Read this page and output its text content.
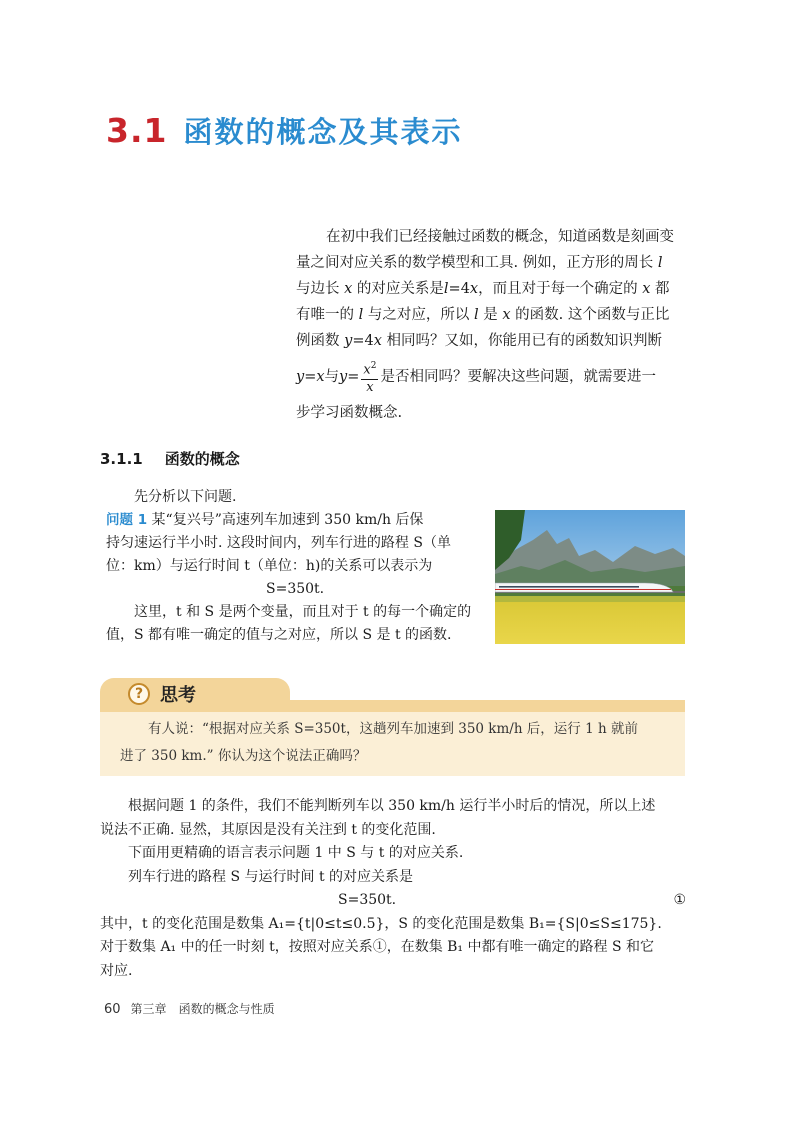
3.1 函数的概念及其表示

在初中我们已经接触过函数的概念，知道函数是刻画变

量之间对应关系的数学模型和工具. 例如，正方形的周长 l

与边长 x 的对应关系是l=4x，而且对于每一个确定的 x 都

有唯一的 l 与之对应，所以 l 是 x 的函数. 这个函数与正比

例函数 y=4x 相同吗？又如，你能用已有的函数知识判断

y=x 与 $y= \frac{x^2}{x}$ 是否相同吗？要解决这些问题，就需要进一

步学习函数概念.

3.1.1 函数的概念

先分析以下问题.

问题 1 某“复兴号”高速列车加速到 350 km/h 后保

持匀速运行半小时. 这段时间内，列车行进的路程 S（单

位：km）与运行时间 t（单位：h)的关系可以表示为

S=350t.

这里，t 和 S 是两个变量，而且对于 t 的每一个确定的

值，S 都有唯一确定的值与之对应，所以 S 是 t 的函数.

? 思考

有人说：“根据对应关系 S=350t，这趟列车加速到 350 km/h 后，运行 1 h 就前

进了 350 km.” 你认为这个说法正确吗？

根据问题 1 的条件，我们不能判断列车以 350 km/h 运行半小时后的情况，所以上述

说法不正确. 显然，其原因是没有关注到 t 的变化范围.

下面用更精确的语言表示问题 1 中 S 与 t 的对应关系.

列车行进的路程 S 与运行时间 t 的对应关系是

S=350t.	①

其中，t 的变化范围是数集 A₁={t|0≤t≤0.5}，S 的变化范围是数集 B₁={S|0≤S≤175}.

对于数集 A₁ 中的任一时刻 t，按照对应关系①，在数集 B₁ 中都有唯一确定的路程 S 和它

对应.

60 第三章 函数的概念与性质
